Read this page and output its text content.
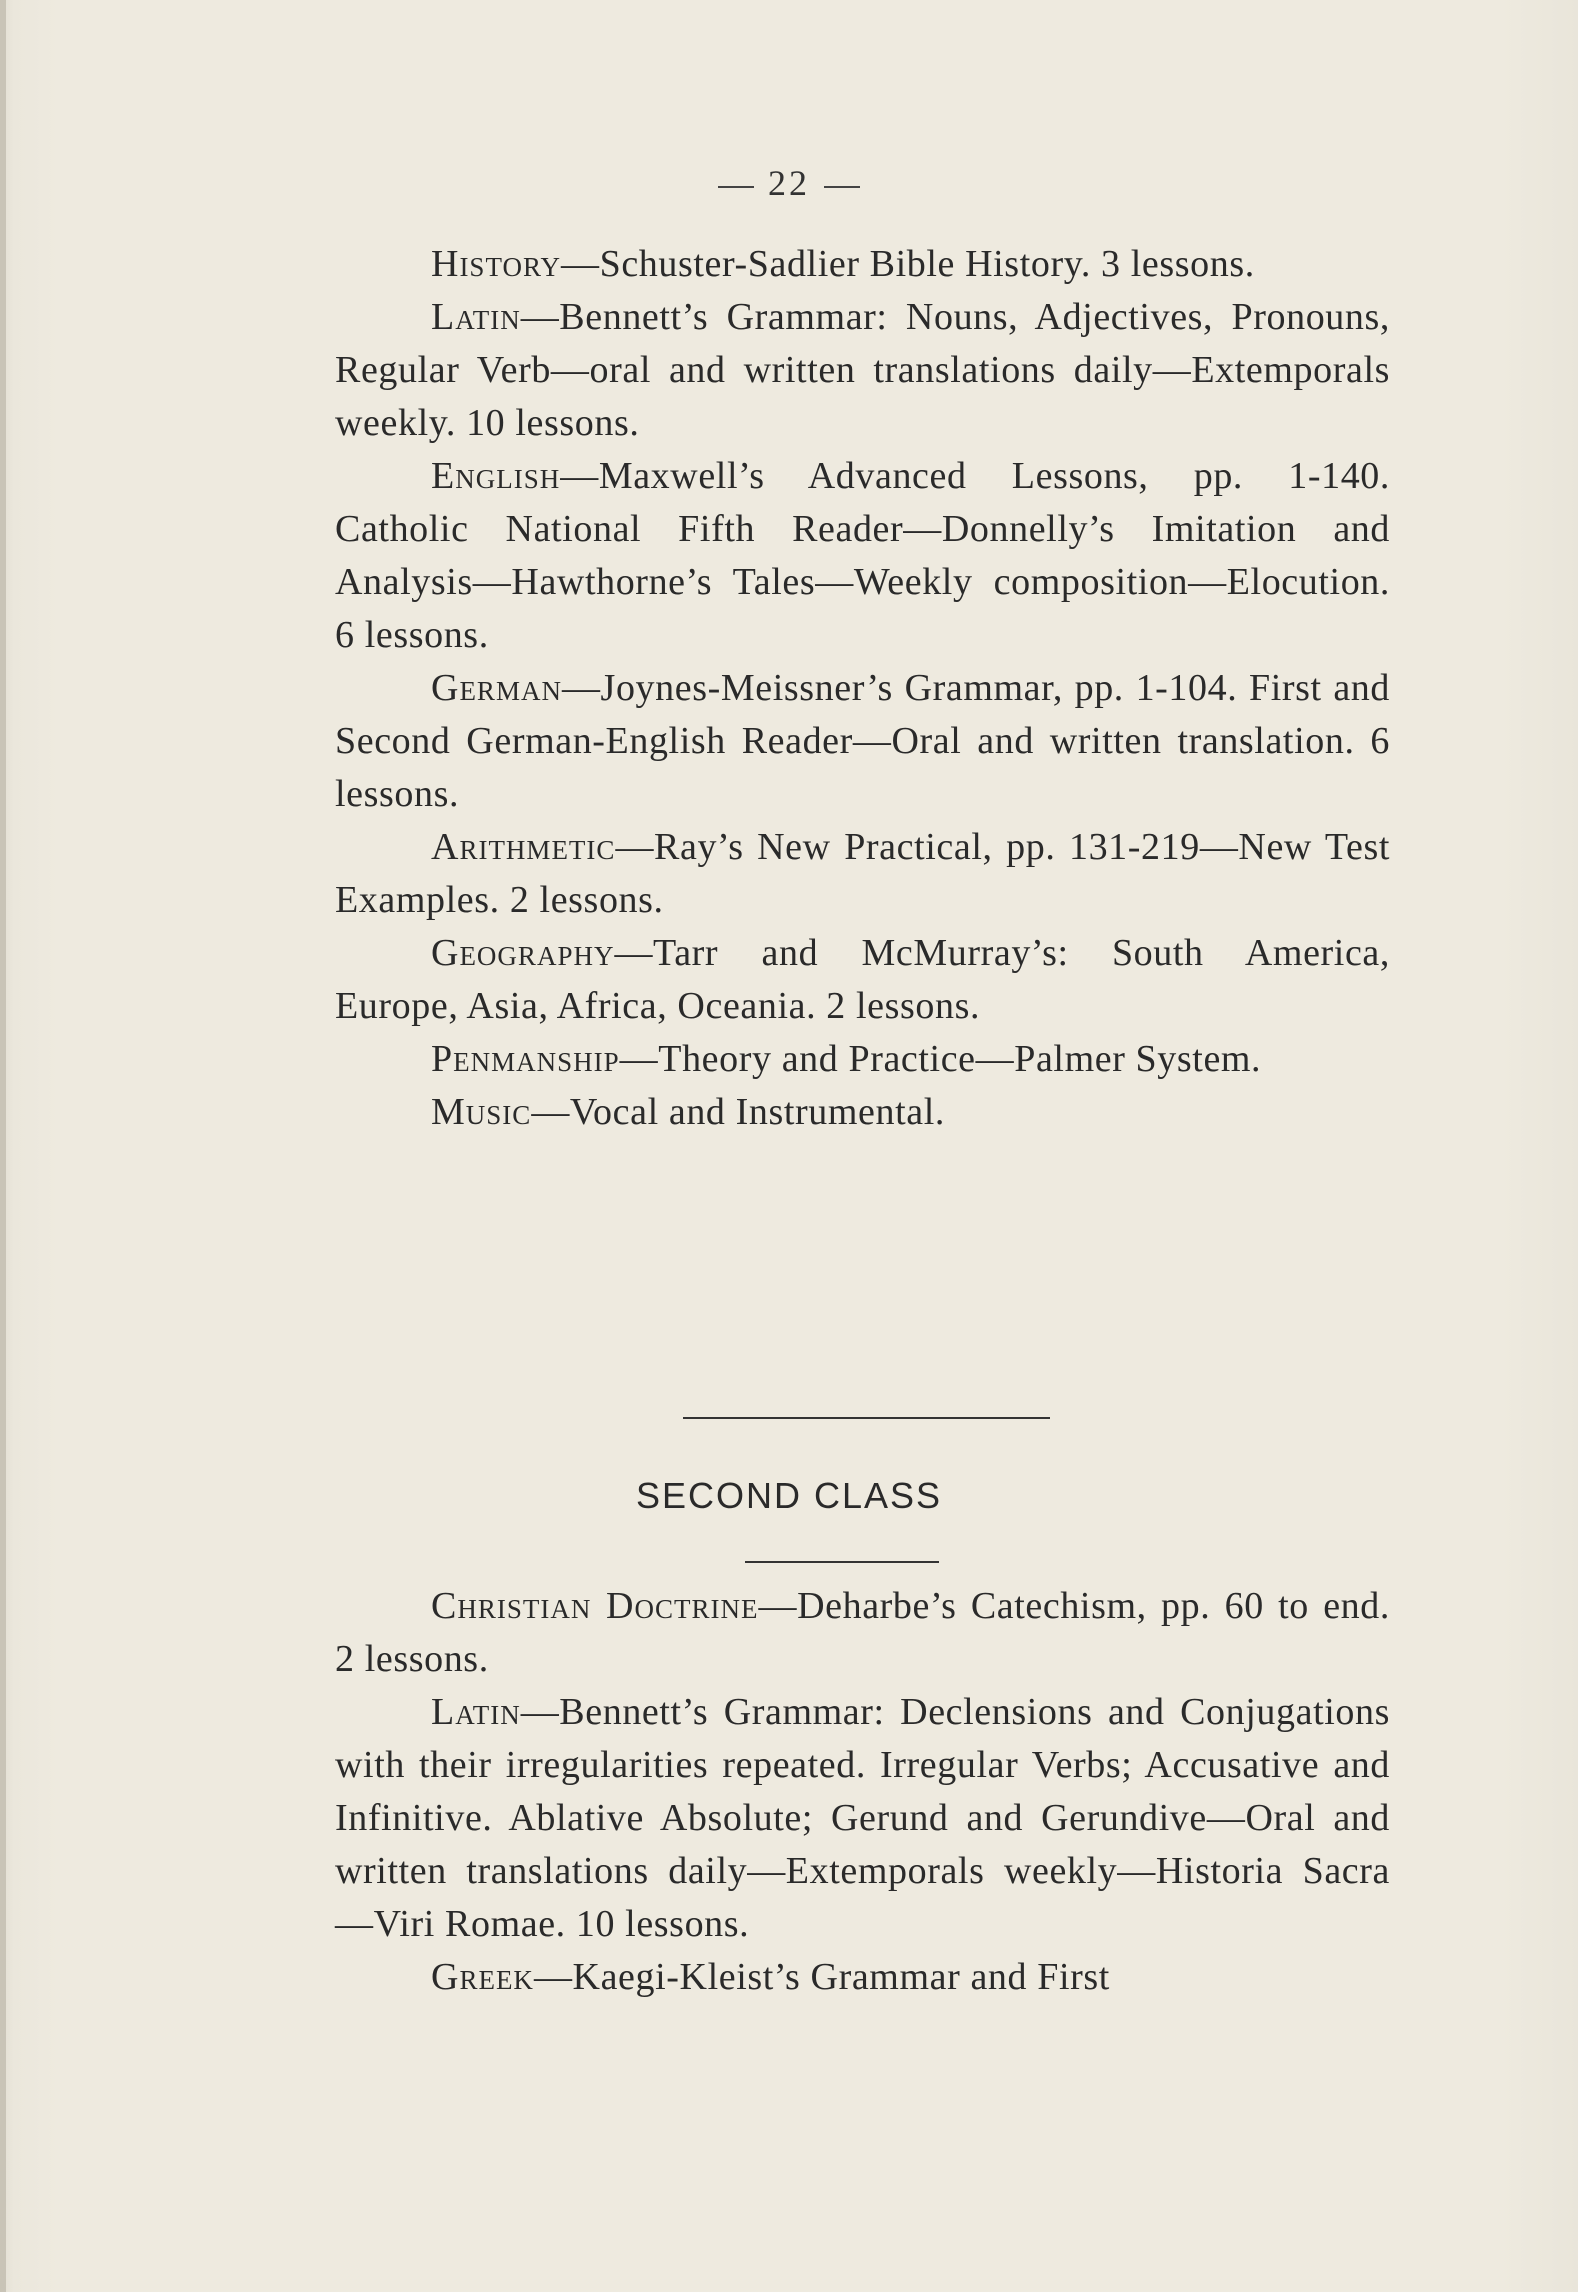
22

History—Schuster-Sadlier Bible History. 3 lessons.

Latin—Bennett’s Grammar: Nouns, Adjectives, Pronouns, Regular Verb—oral and written translations daily—Extemporals weekly. 10 lessons.

English—Maxwell’s Advanced Lessons, pp. 1-140. Catholic National Fifth Reader—Donnelly’s Imitation and Analysis—Hawthorne’s Tales—Weekly composition—Elocution. 6 lessons.

German—Joynes-Meissner’s Grammar, pp. 1-104. First and Second German-English Reader—Oral and written translation. 6 lessons.

Arithmetic—Ray’s New Practical, pp. 131-219—New Test Examples. 2 lessons.

Geography—Tarr and McMurray’s: South America, Europe, Asia, Africa, Oceania. 2 lessons.

Penmanship—Theory and Practice—Palmer System.

Music—Vocal and Instrumental.

SECOND CLASS

Christian Doctrine—Deharbe’s Catechism, pp. 60 to end. 2 lessons.

Latin—Bennett’s Grammar: Declensions and Conjugations with their irregularities repeated. Irregular Verbs; Accusative and Infinitive. Ablative Absolute; Gerund and Gerundive—Oral and written translations daily—Extemporals weekly—Historia Sacra—Viri Romae. 10 lessons.

Greek—Kaegi-Kleist’s Grammar and First
